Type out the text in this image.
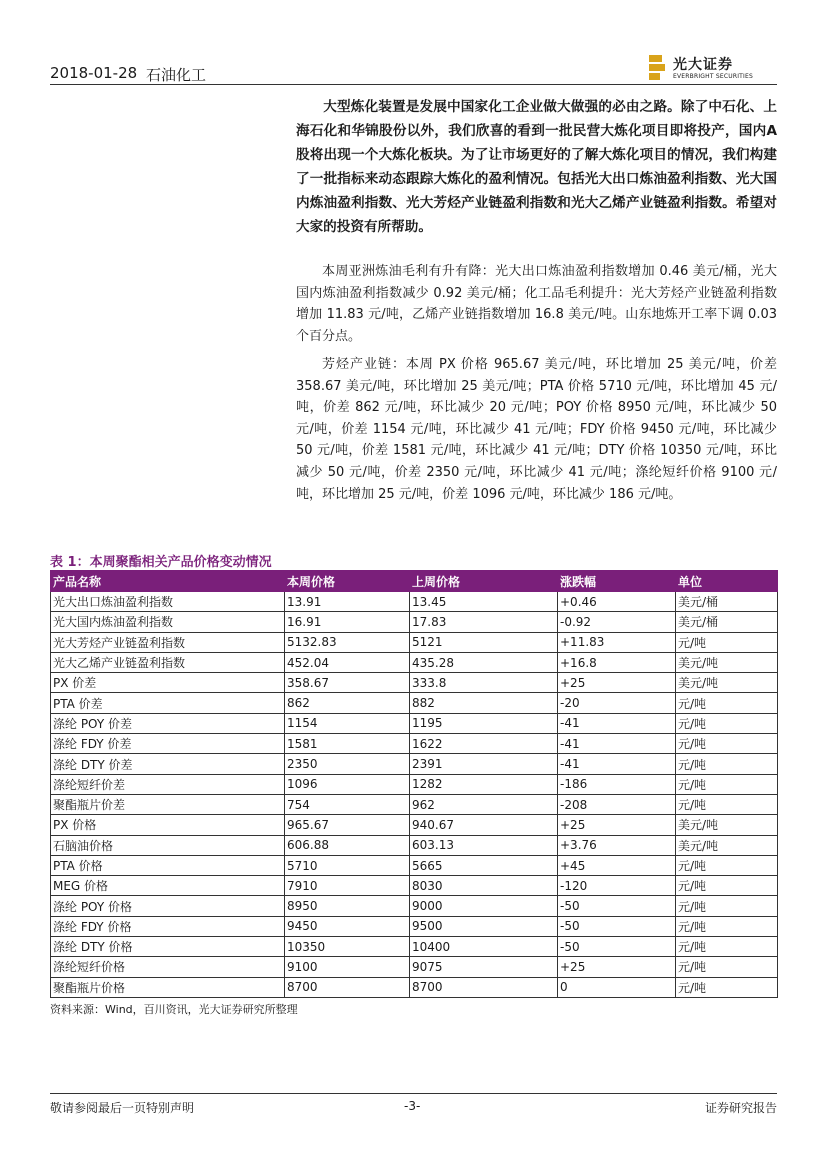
2018-01-28 石油化工
光大证券
EVERBRIGHT SECURITIES

大型炼化装置是发展中国家化工企业做大做强的必由之路。除了中石化、上海石化和华锦股份以外，我们欣喜的看到一批民营大炼化项目即将投产，国内A股将出现一个大炼化板块。为了让市场更好的了解大炼化项目的情况，我们构建了一批指标来动态跟踪大炼化的盈利情况。包括光大出口炼油盈利指数、光大国内炼油盈利指数、光大芳烃产业链盈利指数和光大乙烯产业链盈利指数。希望对大家的投资有所帮助。

本周亚洲炼油毛利有升有降：光大出口炼油盈利指数增加 0.46 美元/桶，光大国内炼油盈利指数减少 0.92 美元/桶；化工品毛利提升：光大芳烃产业链盈利指数增加 11.83 元/吨，乙烯产业链指数增加 16.8 美元/吨。山东地炼开工率下调 0.03 个百分点。

芳烃产业链：本周 PX 价格 965.67 美元/吨，环比增加 25 美元/吨，价差 358.67 美元/吨，环比增加 25 美元/吨；PTA 价格 5710 元/吨，环比增加 45 元/吨，价差 862 元/吨，环比减少 20 元/吨；POY 价格 8950 元/吨，环比减少 50 元/吨，价差 1154 元/吨，环比减少 41 元/吨；FDY 价格 9450 元/吨，环比减少 50 元/吨，价差 1581 元/吨，环比减少 41 元/吨；DTY 价格 10350 元/吨，环比减少 50 元/吨，价差 2350 元/吨，环比减少 41 元/吨；涤纶短纤价格 9100 元/吨，环比增加 25 元/吨，价差 1096 元/吨，环比减少 186 元/吨。

表 1：本周聚酯相关产品价格变动情况
产品名称	本周价格	上周价格	涨跌幅	单位
光大出口炼油盈利指数	13.91	13.45	+0.46	美元/桶
光大国内炼油盈利指数	16.91	17.83	-0.92	美元/桶
光大芳烃产业链盈利指数	5132.83	5121	+11.83	元/吨
光大乙烯产业链盈利指数	452.04	435.28	+16.8	美元/吨
PX 价差	358.67	333.8	+25	美元/吨
PTA 价差	862	882	-20	元/吨
涤纶 POY 价差	1154	1195	-41	元/吨
涤纶 FDY 价差	1581	1622	-41	元/吨
涤纶 DTY 价差	2350	2391	-41	元/吨
涤纶短纤价差	1096	1282	-186	元/吨
聚酯瓶片价差	754	962	-208	元/吨
PX 价格	965.67	940.67	+25	美元/吨
石脑油价格	606.88	603.13	+3.76	美元/吨
PTA 价格	5710	5665	+45	元/吨
MEG 价格	7910	8030	-120	元/吨
涤纶 POY 价格	8950	9000	-50	元/吨
涤纶 FDY 价格	9450	9500	-50	元/吨
涤纶 DTY 价格	10350	10400	-50	元/吨
涤纶短纤价格	9100	9075	+25	元/吨
聚酯瓶片价格	8700	8700	0	元/吨
资料来源：Wind，百川资讯，光大证券研究所整理
敬请参阅最后一页特别声明	-3-	证券研究报告
